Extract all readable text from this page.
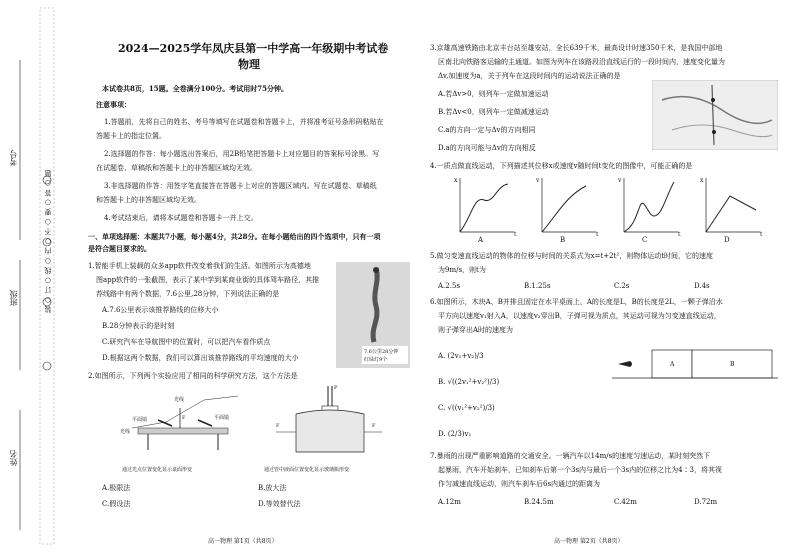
考号
班级
姓名
装 ○ 订 ○ 线 ○ 内 ○ 不 ○ 要 ○ 答 ○ 题
2024—2025学年凤庆县第一中学高一年级期中考试卷
物理
本试卷共8页，15题。全卷满分100分。考试用时75分钟。
注意事项：
1.答题前，先将自己的姓名、考号等填写在试题卷和答题卡上，并将准考证号条形码粘贴在
答题卡上的指定位置。
2.选择题的作答：每小题选出答案后，用2B铅笔把答题卡上对应题目的答案标号涂黑。写
在试题卷、草稿纸和答题卡上的非答题区域均无效。
3.非选择题的作答：用签字笔直接答在答题卡上对应的答题区域内。写在试题卷、草稿纸
和答题卡上的非答题区域均无效。
4.考试结束后，请将本试题卷和答题卡一并上交。
一、单项选择题：本题共7小题，每小题4分，共28分。在每小题给出的四个选项中，只有一项
是符合题目要求的。
1.智能手机上装载的众多app软件改变着我们的生活。如图所示为高德地
图app软件的一张截图，表示了某中学到某商业街的具体驾车路径，其推
荐线路中有两个数据，7.6公里,28分钟，下列说法正确的是
A.7.6公里表示该推荐路线的位移大小
B.28分钟表示的是时刻
C.研究汽车在导航图中的位置时，可以把汽车看作质点
D.根据这两个数据，我们可以算出该推荐路线的平均速度的大小
7.6公里28分钟
红绿灯9个
2.如图所示，下列两个实验应用了相同的科学研究方法，这个方法是
光线
平面镜	平面镜
光线
F
P
F	F
通过光点位置变化显示桌面形变	通过管中液面位置变化显示玻璃瓶形变
A.极限法	B.放大法
C.假设法	D.等效替代法
高一物理 第1页（共8页）
3.京雄高速铁路由北京丰台站至雄安站，全长639千米，最高设计时速350千米，是我国中部地
区南北向铁路客运输的主通道。如图为列车在该路段沿直线运行的一段时间内，速度变化量为
Δv,加速度为a，关于列车在这段时间内的运动说法正确的是
A.若Δv>0，则列车一定做加速运动
B.若Δv<0，则列车一定做减速运动
C.a的方向一定与Δv的方向相同
D.a的方向可能与Δv的方向相反
4.一质点做直线运动，下列描述其位移x或速度v随时间t变化的图像中，可能正确的是
x
t
v
t
v
t
x
t
A	B	C	D
5.做匀变速直线运动的物体的位移与时间的关系式为x=t+2t²，则物体运动t时间，它的速度
为9m/s，则t为
A.2.5s	B.1.25s	C.2s	D.4s
6.如图所示，木块A、B并排且固定在水平桌面上，A的长度是L，B的长度是2L，一颗子弹沿水
平方向以速度v₁射入A，以速度v₂穿出B，子弹可视为质点，其运动可视为匀变速直线运动，
则子弹穿出A时的速度为
A	B
A. (2v₁+v₂)/3
B. √((2v₁²+v₂²)/3)
C. √((v₁²+v₂²)/3)
D. (2/3)v₁
7.暴雨的出现严重影响道路的交通安全。一辆汽车以14m/s的速度匀速运动，某时刻突然下
起暴雨，汽车开始刹车，已知刹车后第一个3s内与最后一个3s内的位移之比为4∶3，将其视
作匀减速直线运动，则汽车刹车后6s内通过的距离为
A.12m	B.24.5m	C.42m	D.72m
高一物理 第2页（共8页）
